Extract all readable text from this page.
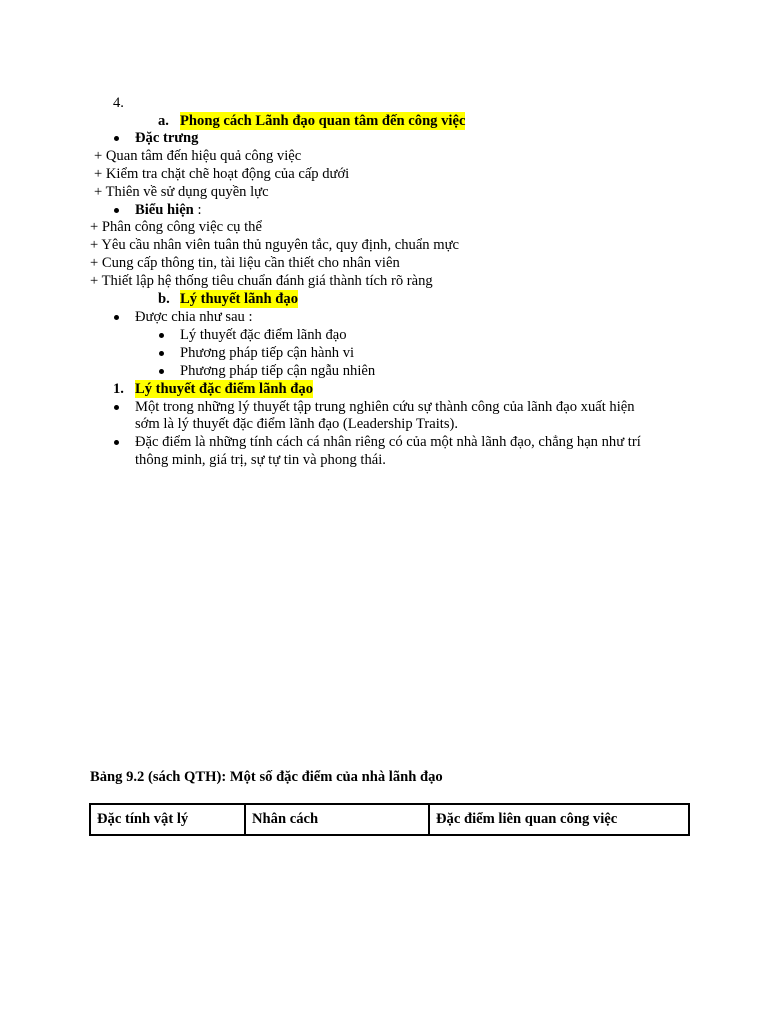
4.
a. Phong cách Lãnh đạo quan tâm đến công việc
Đặc trưng
+ Quan tâm đến hiệu quả công việc
+ Kiểm tra chặt chẽ hoạt động của cấp dưới
+ Thiên về sử dụng quyền lực
Biểu hiện :
+ Phân công công việc cụ thể
+ Yêu cầu nhân viên tuân thủ nguyên tắc, quy định, chuẩn mực
+ Cung cấp thông tin, tài liệu cần thiết cho nhân viên
+ Thiết lập hệ thống tiêu chuẩn đánh giá thành tích rõ ràng
b. Lý thuyết lãnh đạo
Được chia như sau :
Lý thuyết đặc điểm lãnh đạo
Phương pháp tiếp cận hành vi
Phương pháp tiếp cận ngẫu nhiên
1. Lý thuyết đặc điểm lãnh đạo
Một trong những lý thuyết tập trung nghiên cứu sự thành công của lãnh đạo xuất hiện
sớm là lý thuyết đặc điểm lãnh đạo (Leadership Traits).
Đặc điểm là những tính cách cá nhân riêng có của một nhà lãnh đạo, chẳng hạn như trí
thông minh, giá trị, sự tự tin và phong thái.
Bảng 9.2 (sách QTH): Một số đặc điểm của nhà lãnh đạo
Đặc tính vật lý	Nhân cách	Đặc điểm liên quan công việc
